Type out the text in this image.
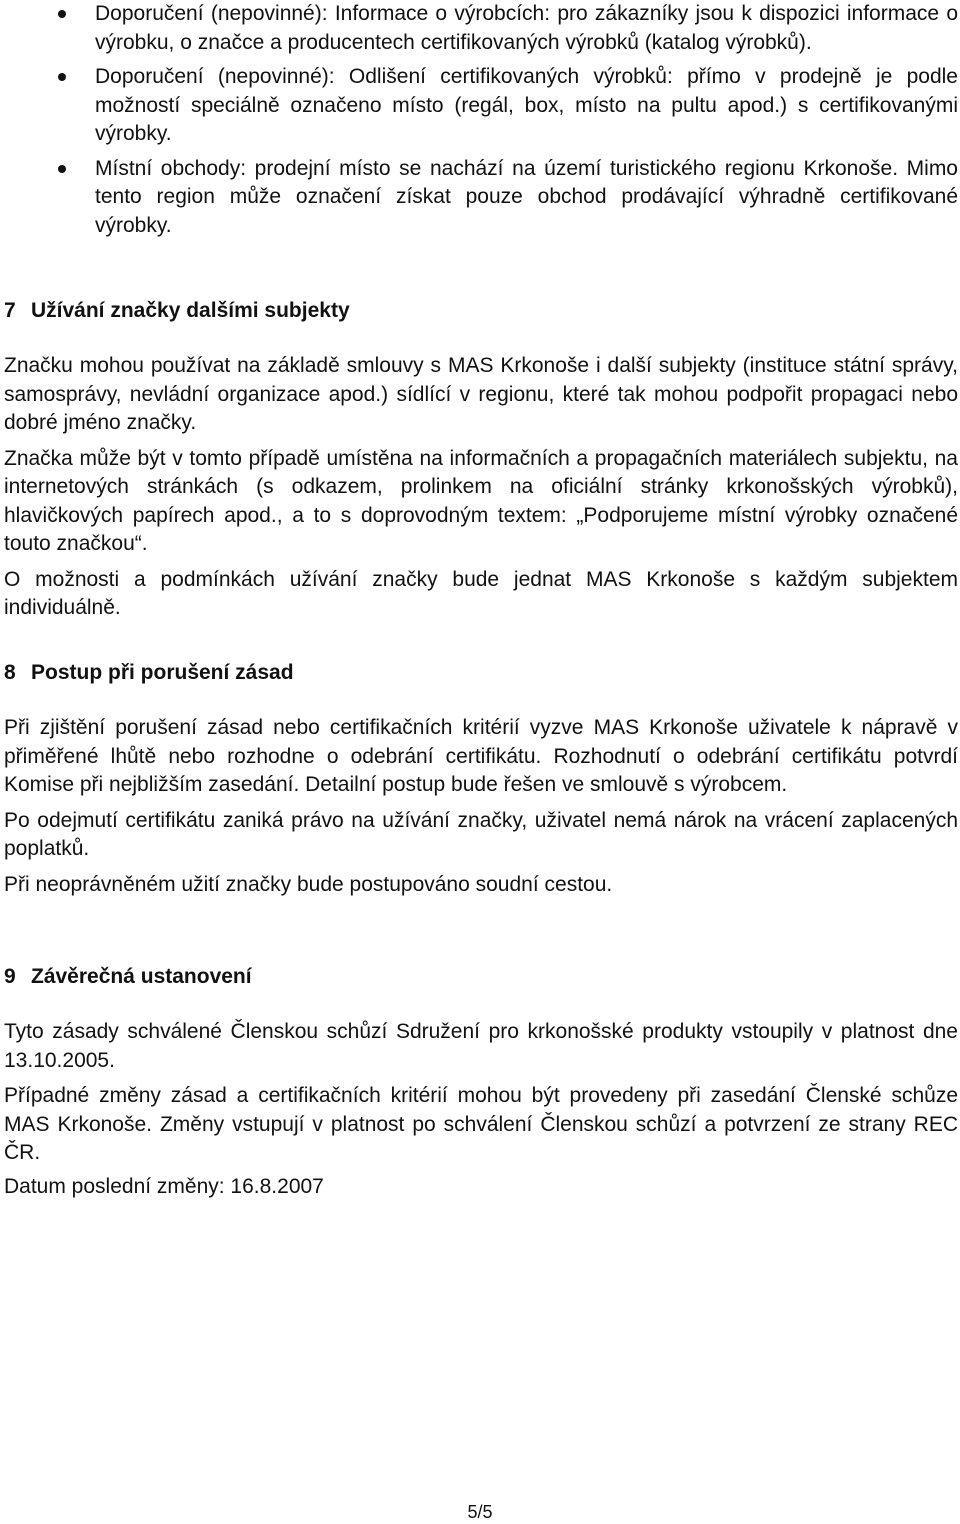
Doporučení (nepovinné): Informace o výrobcích: pro zákazníky jsou k dispozici informace o výrobku, o značce a producentech certifikovaných výrobků (katalog výrobků).
Doporučení (nepovinné): Odlišení certifikovaných výrobků: přímo v prodejně je podle možností speciálně označeno místo (regál, box, místo na pultu apod.) s certifikovanými výrobky.
Místní obchody: prodejní místo se nachází na území turistického regionu Krkonoše. Mimo tento region může označení získat pouze obchod prodávající výhradně certifikované výrobky.
7 Užívání značky dalšími subjekty

Značku mohou používat na základě smlouvy s MAS Krkonoše i další subjekty (instituce státní správy, samosprávy, nevládní organizace apod.) sídlící v regionu, které tak mohou podpořit propagaci nebo dobré jméno značky.

Značka může být v tomto případě umístěna na informačních a propagačních materiálech subjektu, na internetových stránkách (s odkazem, prolinkem na oficiální stránky krkonošských výrobků), hlavičkových papírech apod., a to s doprovodným textem: „Podporujeme místní výrobky označené touto značkou“.

O možnosti a podmínkách užívání značky bude jednat MAS Krkonoše s každým subjektem individuálně.

8 Postup při porušení zásad

Při zjištění porušení zásad nebo certifikačních kritérií vyzve MAS Krkonoše uživatele k nápravě v přiměřené lhůtě nebo rozhodne o odebrání certifikátu. Rozhodnutí o odebrání certifikátu potvrdí Komise při nejbližším zasedání. Detailní postup bude řešen ve smlouvě s výrobcem.

Po odejmutí certifikátu zaniká právo na užívání značky, uživatel nemá nárok na vrácení zaplacených poplatků.

Při neoprávněném užití značky bude postupováno soudní cestou.

9 Závěrečná ustanovení

Tyto zásady schválené Členskou schůzí Sdružení pro krkonošské produkty vstoupily v platnost dne 13.10.2005.

Případné změny zásad a certifikačních kritérií mohou být provedeny při zasedání Členské schůze MAS Krkonoše. Změny vstupují v platnost po schválení Členskou schůzí a potvrzení ze strany REC ČR.

Datum poslední změny: 16.8.2007

5/5
